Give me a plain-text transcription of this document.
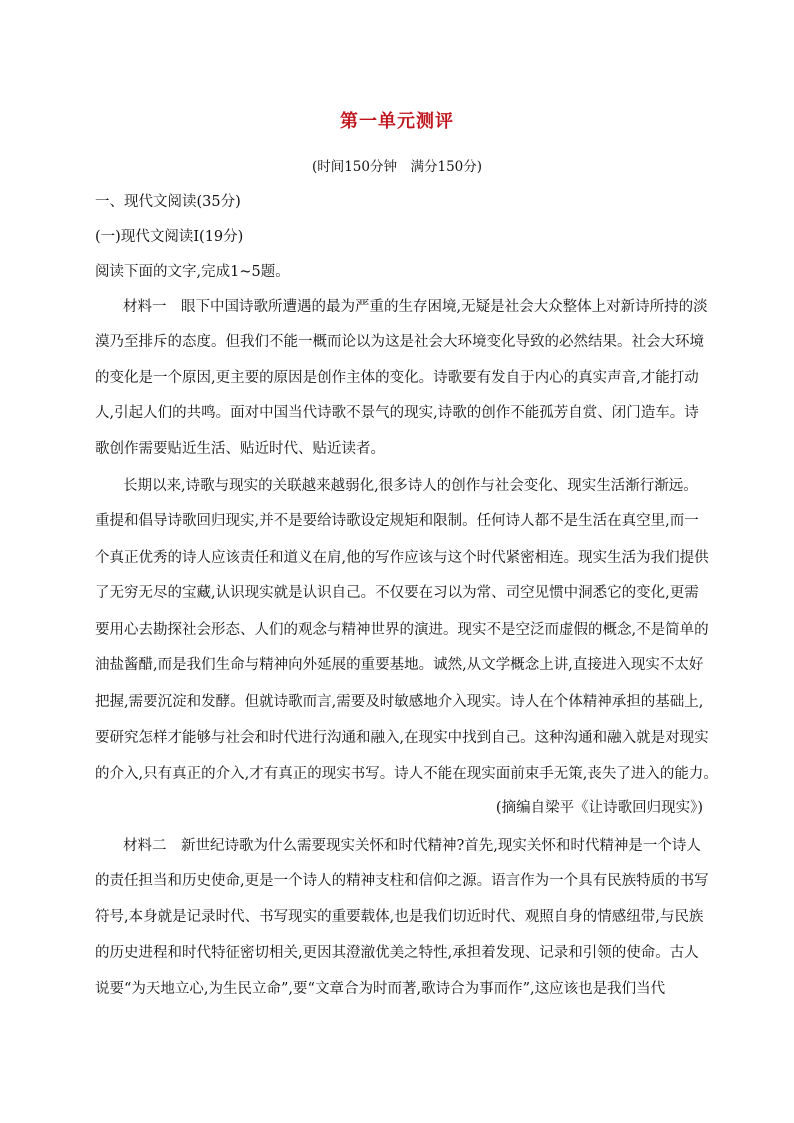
第一单元测评
(时间150分钟　满分150分)
一、现代文阅读(35分)
(一)现代文阅读Ⅰ(19分)
阅读下面的文字,完成1~5题。
材料一　眼下中国诗歌所遭遇的最为严重的生存困境,无疑是社会大众整体上对新诗所持的淡
漠乃至排斥的态度。但我们不能一概而论以为这是社会大环境变化导致的必然结果。社会大环境
的变化是一个原因,更主要的原因是创作主体的变化。诗歌要有发自于内心的真实声音,才能打动
人,引起人们的共鸣。面对中国当代诗歌不景气的现实,诗歌的创作不能孤芳自赏、闭门造车。诗
歌创作需要贴近生活、贴近时代、贴近读者。
长期以来,诗歌与现实的关联越来越弱化,很多诗人的创作与社会变化、现实生活渐行渐远。
重提和倡导诗歌回归现实,并不是要给诗歌设定规矩和限制。任何诗人都不是生活在真空里,而一
个真正优秀的诗人应该责任和道义在肩,他的写作应该与这个时代紧密相连。现实生活为我们提供
了无穷无尽的宝藏,认识现实就是认识自己。不仅要在习以为常、司空见惯中洞悉它的变化,更需
要用心去勘探社会形态、人们的观念与精神世界的演进。现实不是空泛而虚假的概念,不是简单的
油盐酱醋,而是我们生命与精神向外延展的重要基地。诚然,从文学概念上讲,直接进入现实不太好
把握,需要沉淀和发酵。但就诗歌而言,需要及时敏感地介入现实。诗人在个体精神承担的基础上,
要研究怎样才能够与社会和时代进行沟通和融入,在现实中找到自己。这种沟通和融入就是对现实
的介入,只有真正的介入,才有真正的现实书写。诗人不能在现实面前束手无策,丧失了进入的能力。
(摘编自梁平《让诗歌回归现实》)
材料二　新世纪诗歌为什么需要现实关怀和时代精神?首先,现实关怀和时代精神是一个诗人
的责任担当和历史使命,更是一个诗人的精神支柱和信仰之源。语言作为一个具有民族特质的书写
符号,本身就是记录时代、书写现实的重要载体,也是我们切近时代、观照自身的情感纽带,与民族
的历史进程和时代特征密切相关,更因其澄澈优美之特性,承担着发现、记录和引领的使命。古人
说要“为天地立心,为生民立命”,要“文章合为时而著,歌诗合为事而作”,这应该也是我们当代
